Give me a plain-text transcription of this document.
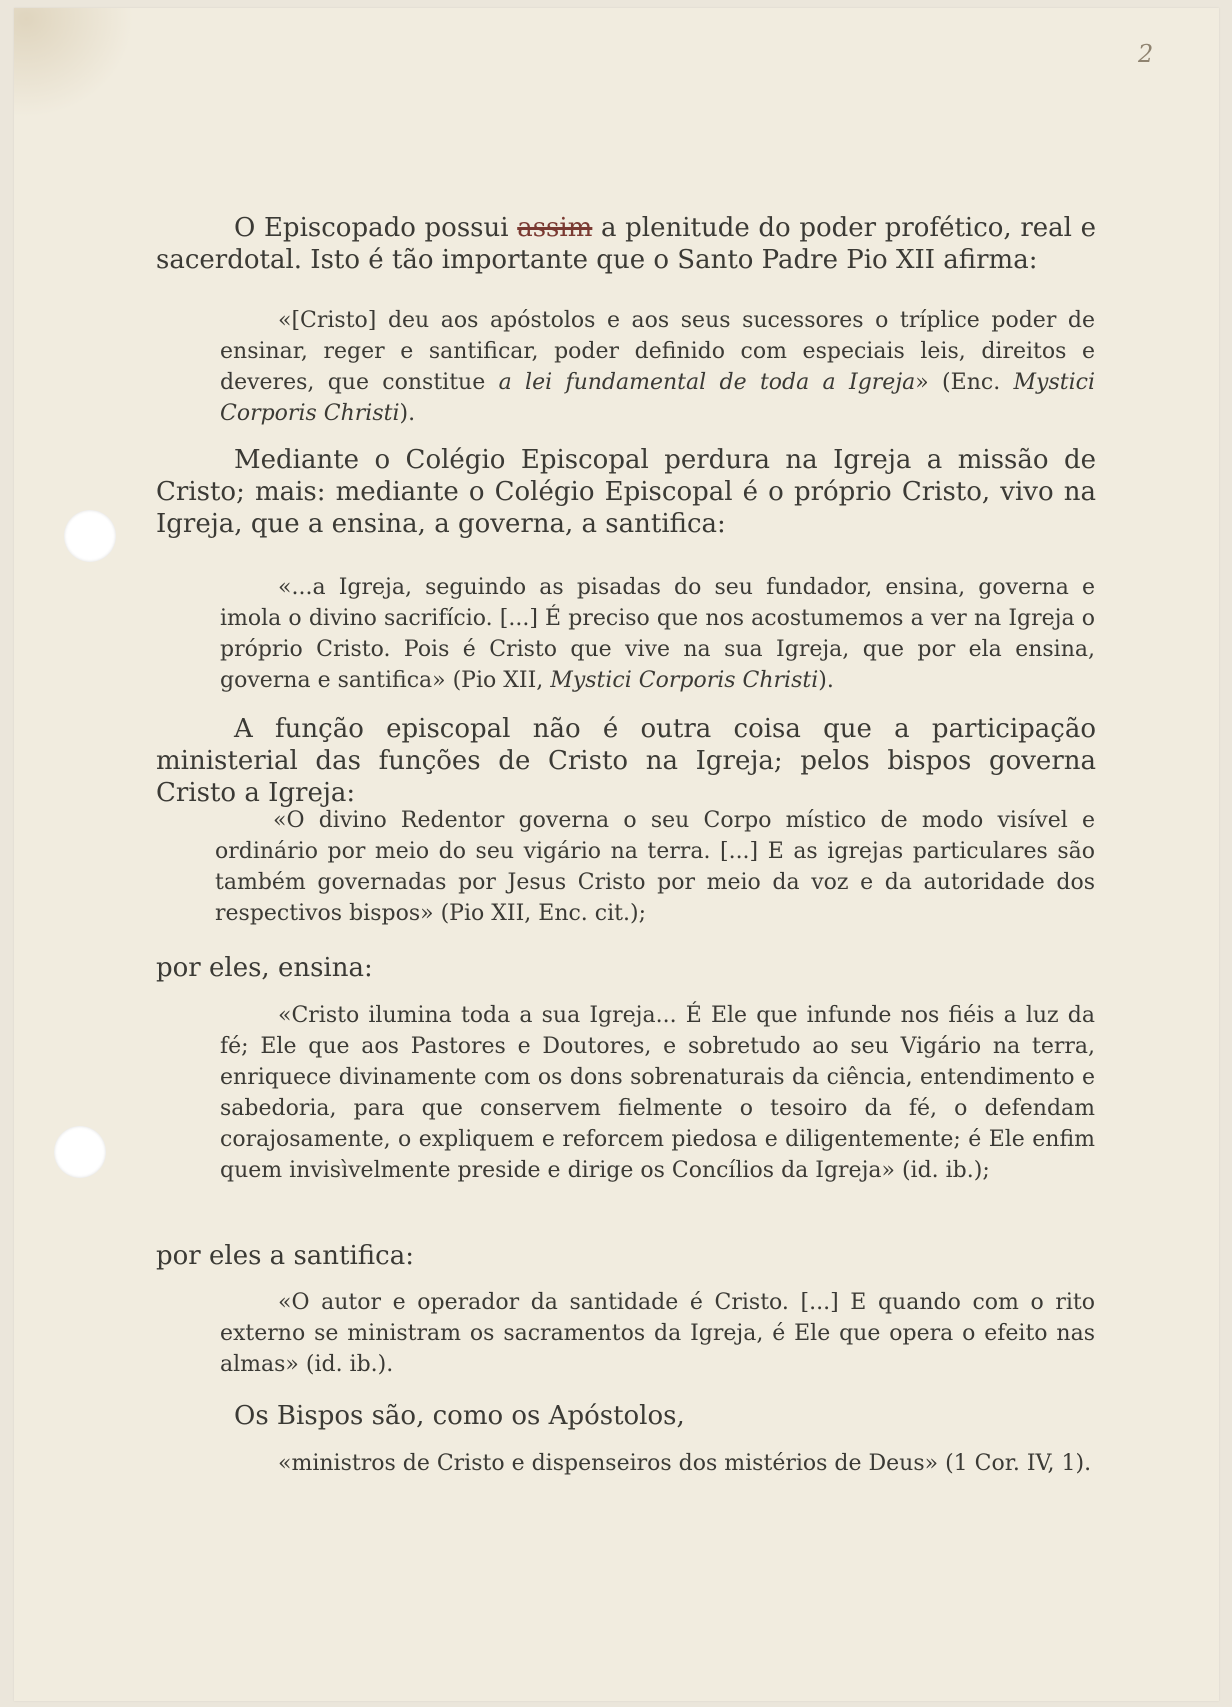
2

O Episcopado possui assim a plenitude do poder profético, real e sacerdotal. Isto é tão importante que o Santo Padre Pio XII afirma:

«[Cristo] deu aos apóstolos e aos seus sucessores o tríplice poder de ensinar, reger e santificar, poder definido com especiais leis, direitos e deveres, que constitue a lei fundamental de toda a Igreja» (Enc. Mystici Corporis Christi).

Mediante o Colégio Episcopal perdura na Igreja a missão de Cristo; mais: mediante o Colégio Episcopal é o próprio Cristo, vivo na Igreja, que a ensina, a governa, a santifica:

«...a Igreja, seguindo as pisadas do seu fundador, ensina, governa e imola o divino sacrifício. [...] É preciso que nos acostumemos a ver na Igreja o próprio Cristo. Pois é Cristo que vive na sua Igreja, que por ela ensina, governa e santifica» (Pio XII, Mystici Corporis Christi).

A função episcopal não é outra coisa que a participação ministerial das funções de Cristo na Igreja; pelos bispos governa Cristo a Igreja:

«O divino Redentor governa o seu Corpo místico de modo visível e ordinário por meio do seu vigário na terra. [...] E as igrejas particulares são também governadas por Jesus Cristo por meio da voz e da autoridade dos respectivos bispos» (Pio XII, Enc. cit.);

por eles, ensina:

«Cristo ilumina toda a sua Igreja... É Ele que infunde nos fiéis a luz da fé; Ele que aos Pastores e Doutores, e sobretudo ao seu Vigário na terra, enriquece divinamente com os dons sobrenaturais da ciência, entendimento e sabedoria, para que conservem fielmente o tesoiro da fé, o defendam corajosamente, o expliquem e reforcem piedosa e diligentemente; é Ele enfim quem invisìvelmente preside e dirige os Concílios da Igreja» (id. ib.);

por eles a santifica:

«O autor e operador da santidade é Cristo. [...] E quando com o rito externo se ministram os sacramentos da Igreja, é Ele que opera o efeito nas almas» (id. ib.).

Os Bispos são, como os Apóstolos,

«ministros de Cristo e dispenseiros dos mistérios de Deus» (1 Cor. IV, 1).
